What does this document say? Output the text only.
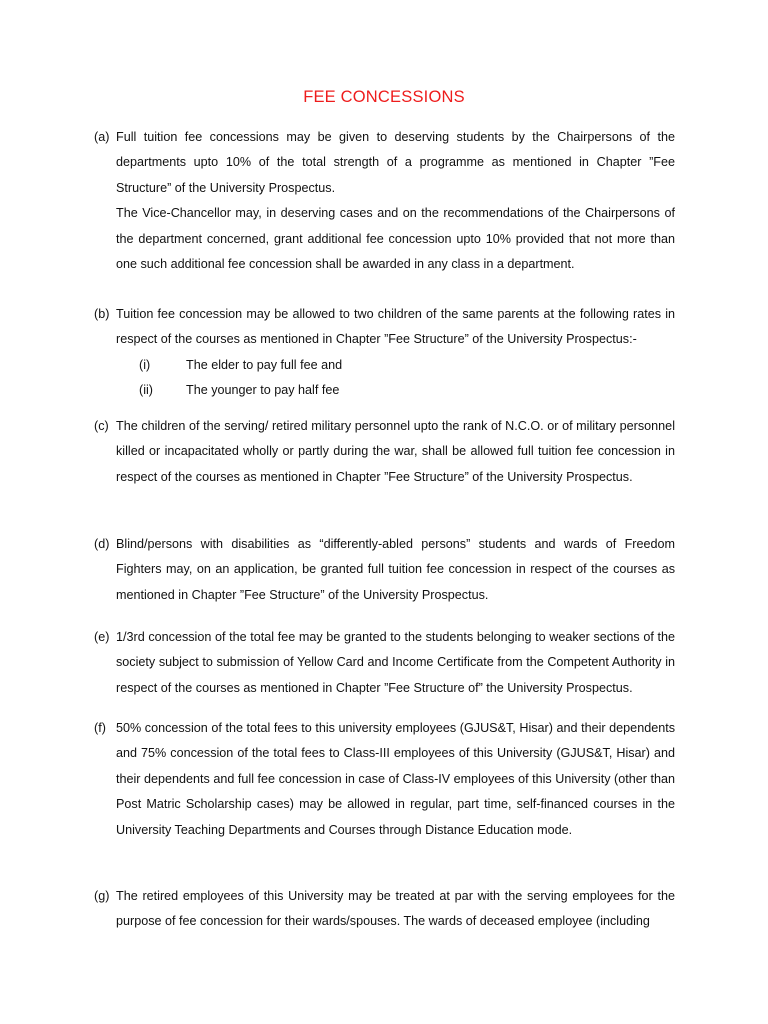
FEE CONCESSIONS
(a) Full tuition fee concessions may be given to deserving students by the Chairpersons of the departments upto 10% of the total strength of a programme as mentioned in Chapter ”Fee Structure” of the University Prospectus.

The Vice-Chancellor may, in deserving cases and on the recommendations of the Chairpersons of the department concerned, grant additional fee concession upto 10% provided that not more than one such additional fee concession shall be awarded in any class in a department.

(b) Tuition fee concession may be allowed to two children of the same parents at the following rates in respect of the courses as mentioned in Chapter ”Fee Structure” of the University Prospectus:-

(i)	The elder to pay full fee and
(ii)	The younger to pay half fee
(c) The children of the serving/ retired military personnel upto the rank of N.C.O. or of military personnel killed or incapacitated wholly or partly during the war, shall be allowed full tuition fee concession in respect of the courses as mentioned in Chapter ”Fee Structure” of the University Prospectus.

(d) Blind/persons with disabilities as “differently-abled persons” students and wards of Freedom Fighters may, on an application, be granted full tuition fee concession in respect of the courses as mentioned in Chapter ”Fee Structure” of the University Prospectus.

(e) 1/3rd concession of the total fee may be granted to the students belonging to weaker sections of the society subject to submission of Yellow Card and Income Certificate from the Competent Authority in respect of the courses as mentioned in Chapter ”Fee Structure of” the University Prospectus.

(f) 50% concession of the total fees to this university employees (GJUS&T, Hisar) and their dependents and 75% concession of the total fees to Class-III employees of this University (GJUS&T, Hisar) and their dependents and full fee concession in case of Class-IV employees of this University (other than Post Matric Scholarship cases) may be allowed in regular, part time, self-financed courses in the University Teaching Departments and Courses through Distance Education mode.

(g) The retired employees of this University may be treated at par with the serving employees for the purpose of fee concession for their wards/spouses. The wards of deceased employee (including
